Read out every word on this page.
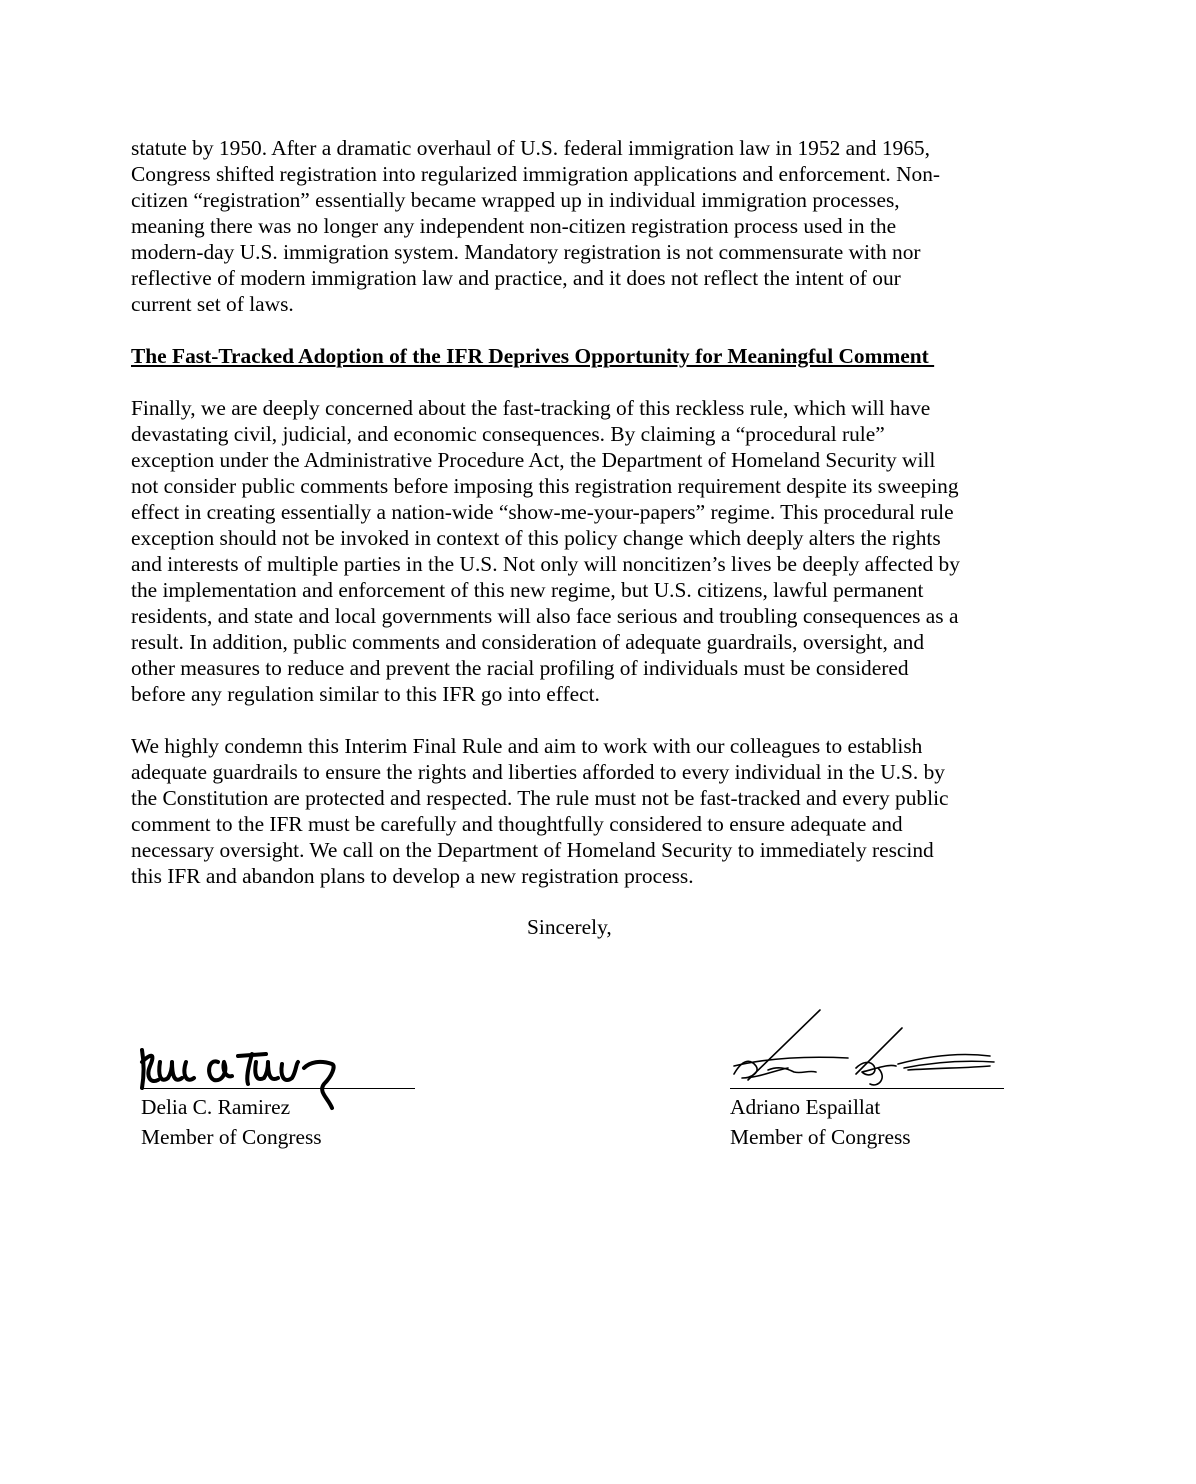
statute by 1950. After a dramatic overhaul of U.S. federal immigration law in 1952 and 1965,
Congress shifted registration into regularized immigration applications and enforcement. Non-
citizen “registration” essentially became wrapped up in individual immigration processes,
meaning there was no longer any independent non-citizen registration process used in the
modern-day U.S. immigration system. Mandatory registration is not commensurate with nor
reflective of modern immigration law and practice, and it does not reflect the intent of our
current set of laws.

The Fast-Tracked Adoption of the IFR Deprives Opportunity for Meaningful Comment

Finally, we are deeply concerned about the fast-tracking of this reckless rule, which will have
devastating civil, judicial, and economic consequences. By claiming a “procedural rule”
exception under the Administrative Procedure Act, the Department of Homeland Security will
not consider public comments before imposing this registration requirement despite its sweeping
effect in creating essentially a nation-wide “show-me-your-papers” regime. This procedural rule
exception should not be invoked in context of this policy change which deeply alters the rights
and interests of multiple parties in the U.S. Not only will noncitizen’s lives be deeply affected by
the implementation and enforcement of this new regime, but U.S. citizens, lawful permanent
residents, and state and local governments will also face serious and troubling consequences as a
result. In addition, public comments and consideration of adequate guardrails, oversight, and
other measures to reduce and prevent the racial profiling of individuals must be considered
before any regulation similar to this IFR go into effect.

We highly condemn this Interim Final Rule and aim to work with our colleagues to establish
adequate guardrails to ensure the rights and liberties afforded to every individual in the U.S. by
the Constitution are protected and respected. The rule must not be fast-tracked and every public
comment to the IFR must be carefully and thoughtfully considered to ensure adequate and
necessary oversight. We call on the Department of Homeland Security to immediately rescind
this IFR and abandon plans to develop a new registration process.

Sincerely,
Delia C. Ramirez
Member of Congress
Adriano Espaillat
Member of Congress
